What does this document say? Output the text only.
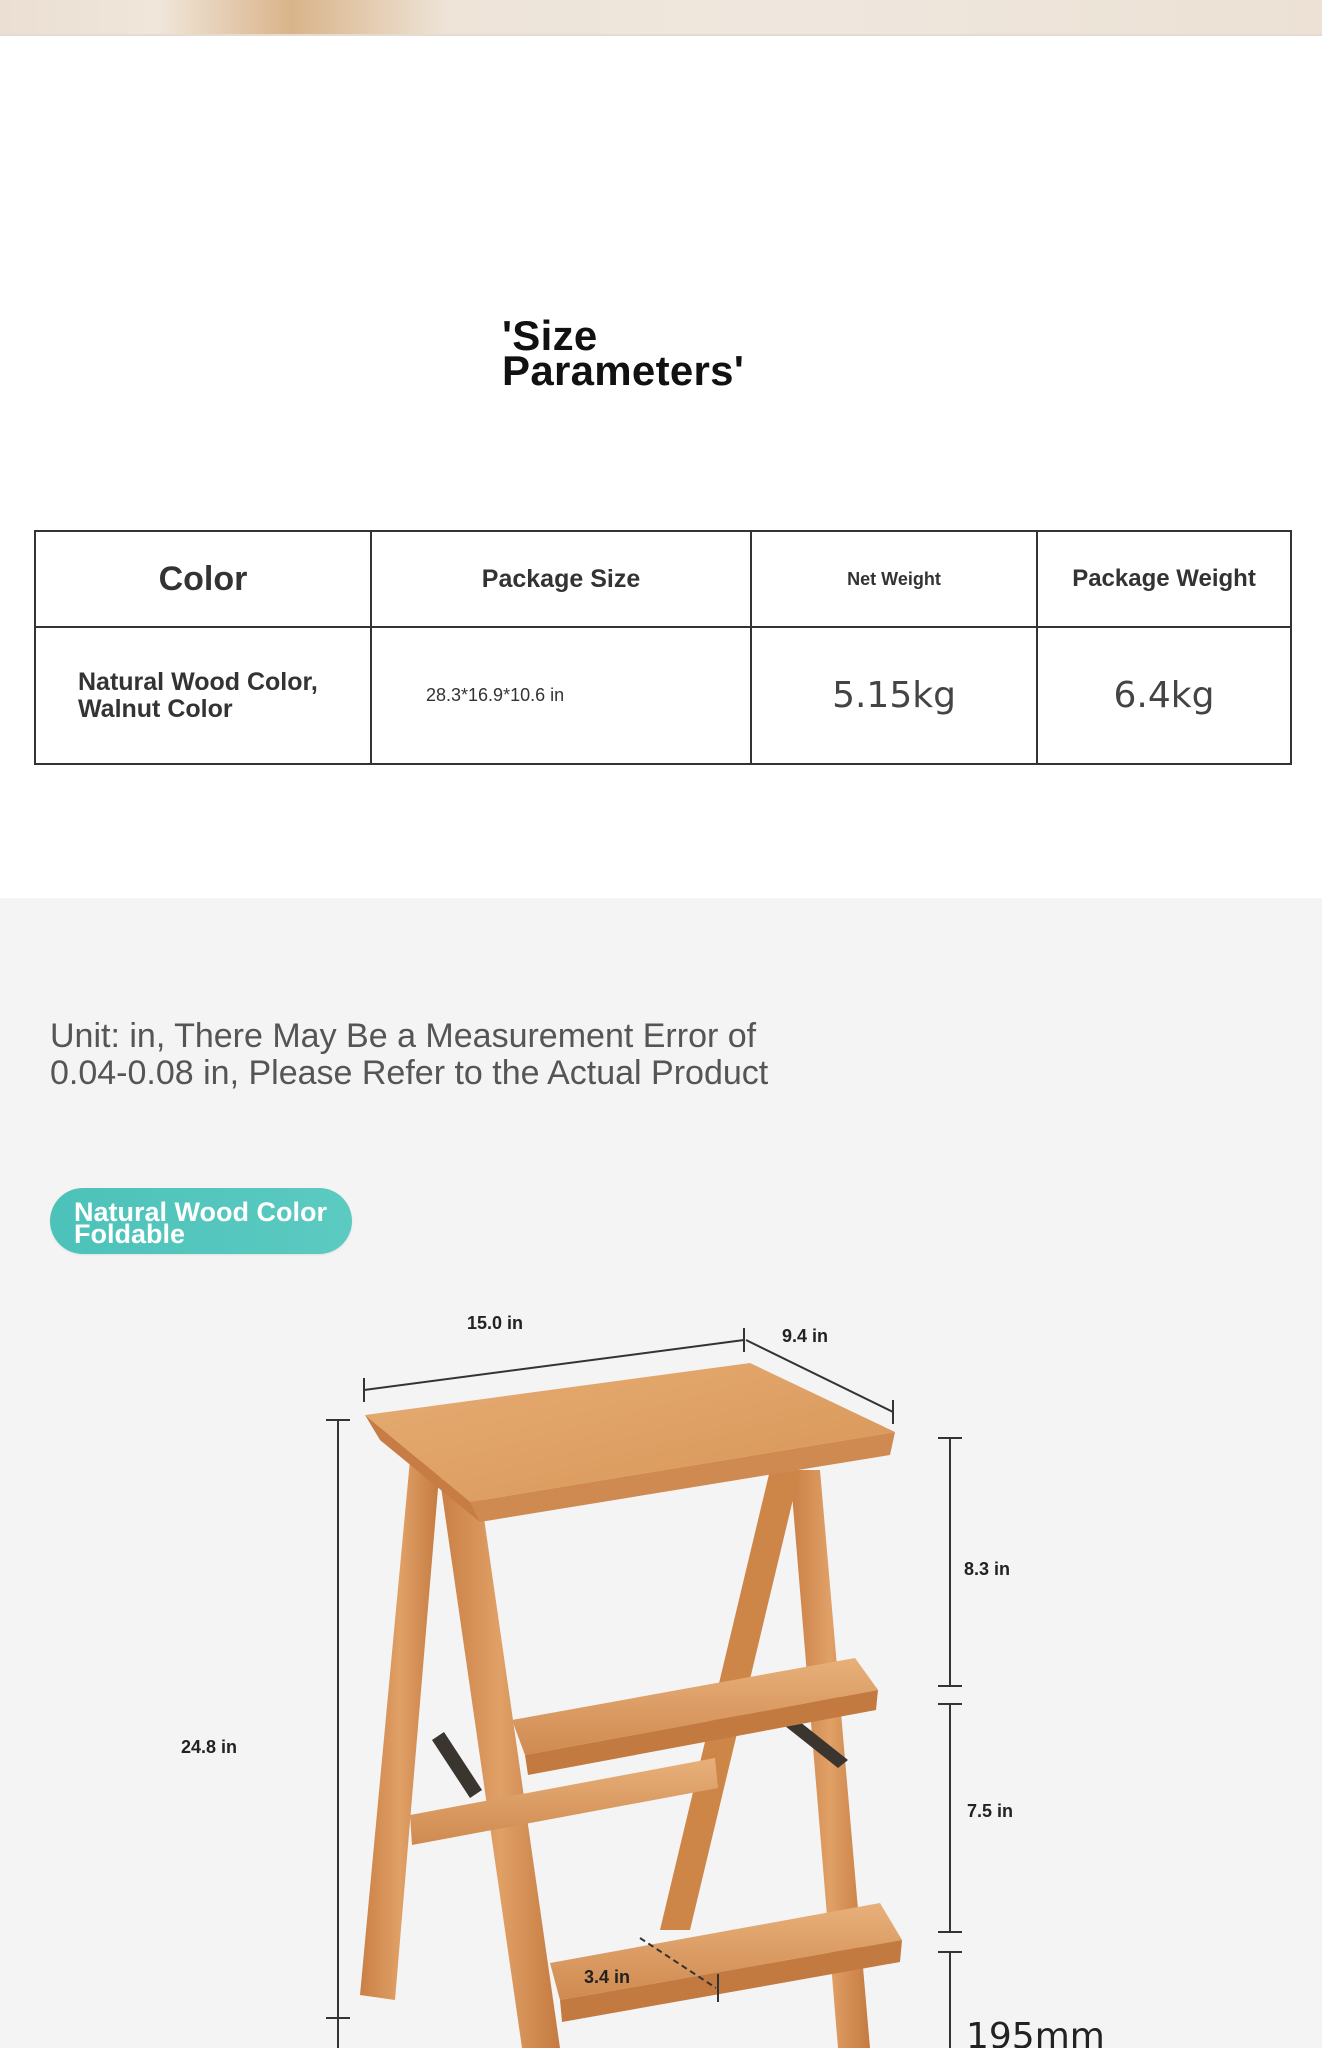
'Size
Parameters'
Color	Package Size	Net Weight	Package Weight

Natural Wood Color,
Walnut Color	28.3*16.9*10.6 in	5.15kg	6.4kg

Unit: in, There May Be a Measurement Error of
0.04-0.08 in, Please Refer to the Actual Product

Natural Wood Color
Foldable
15.0 in
9.4 in
24.8 in
8.3 in
7.5 in
3.4 in
195mm
